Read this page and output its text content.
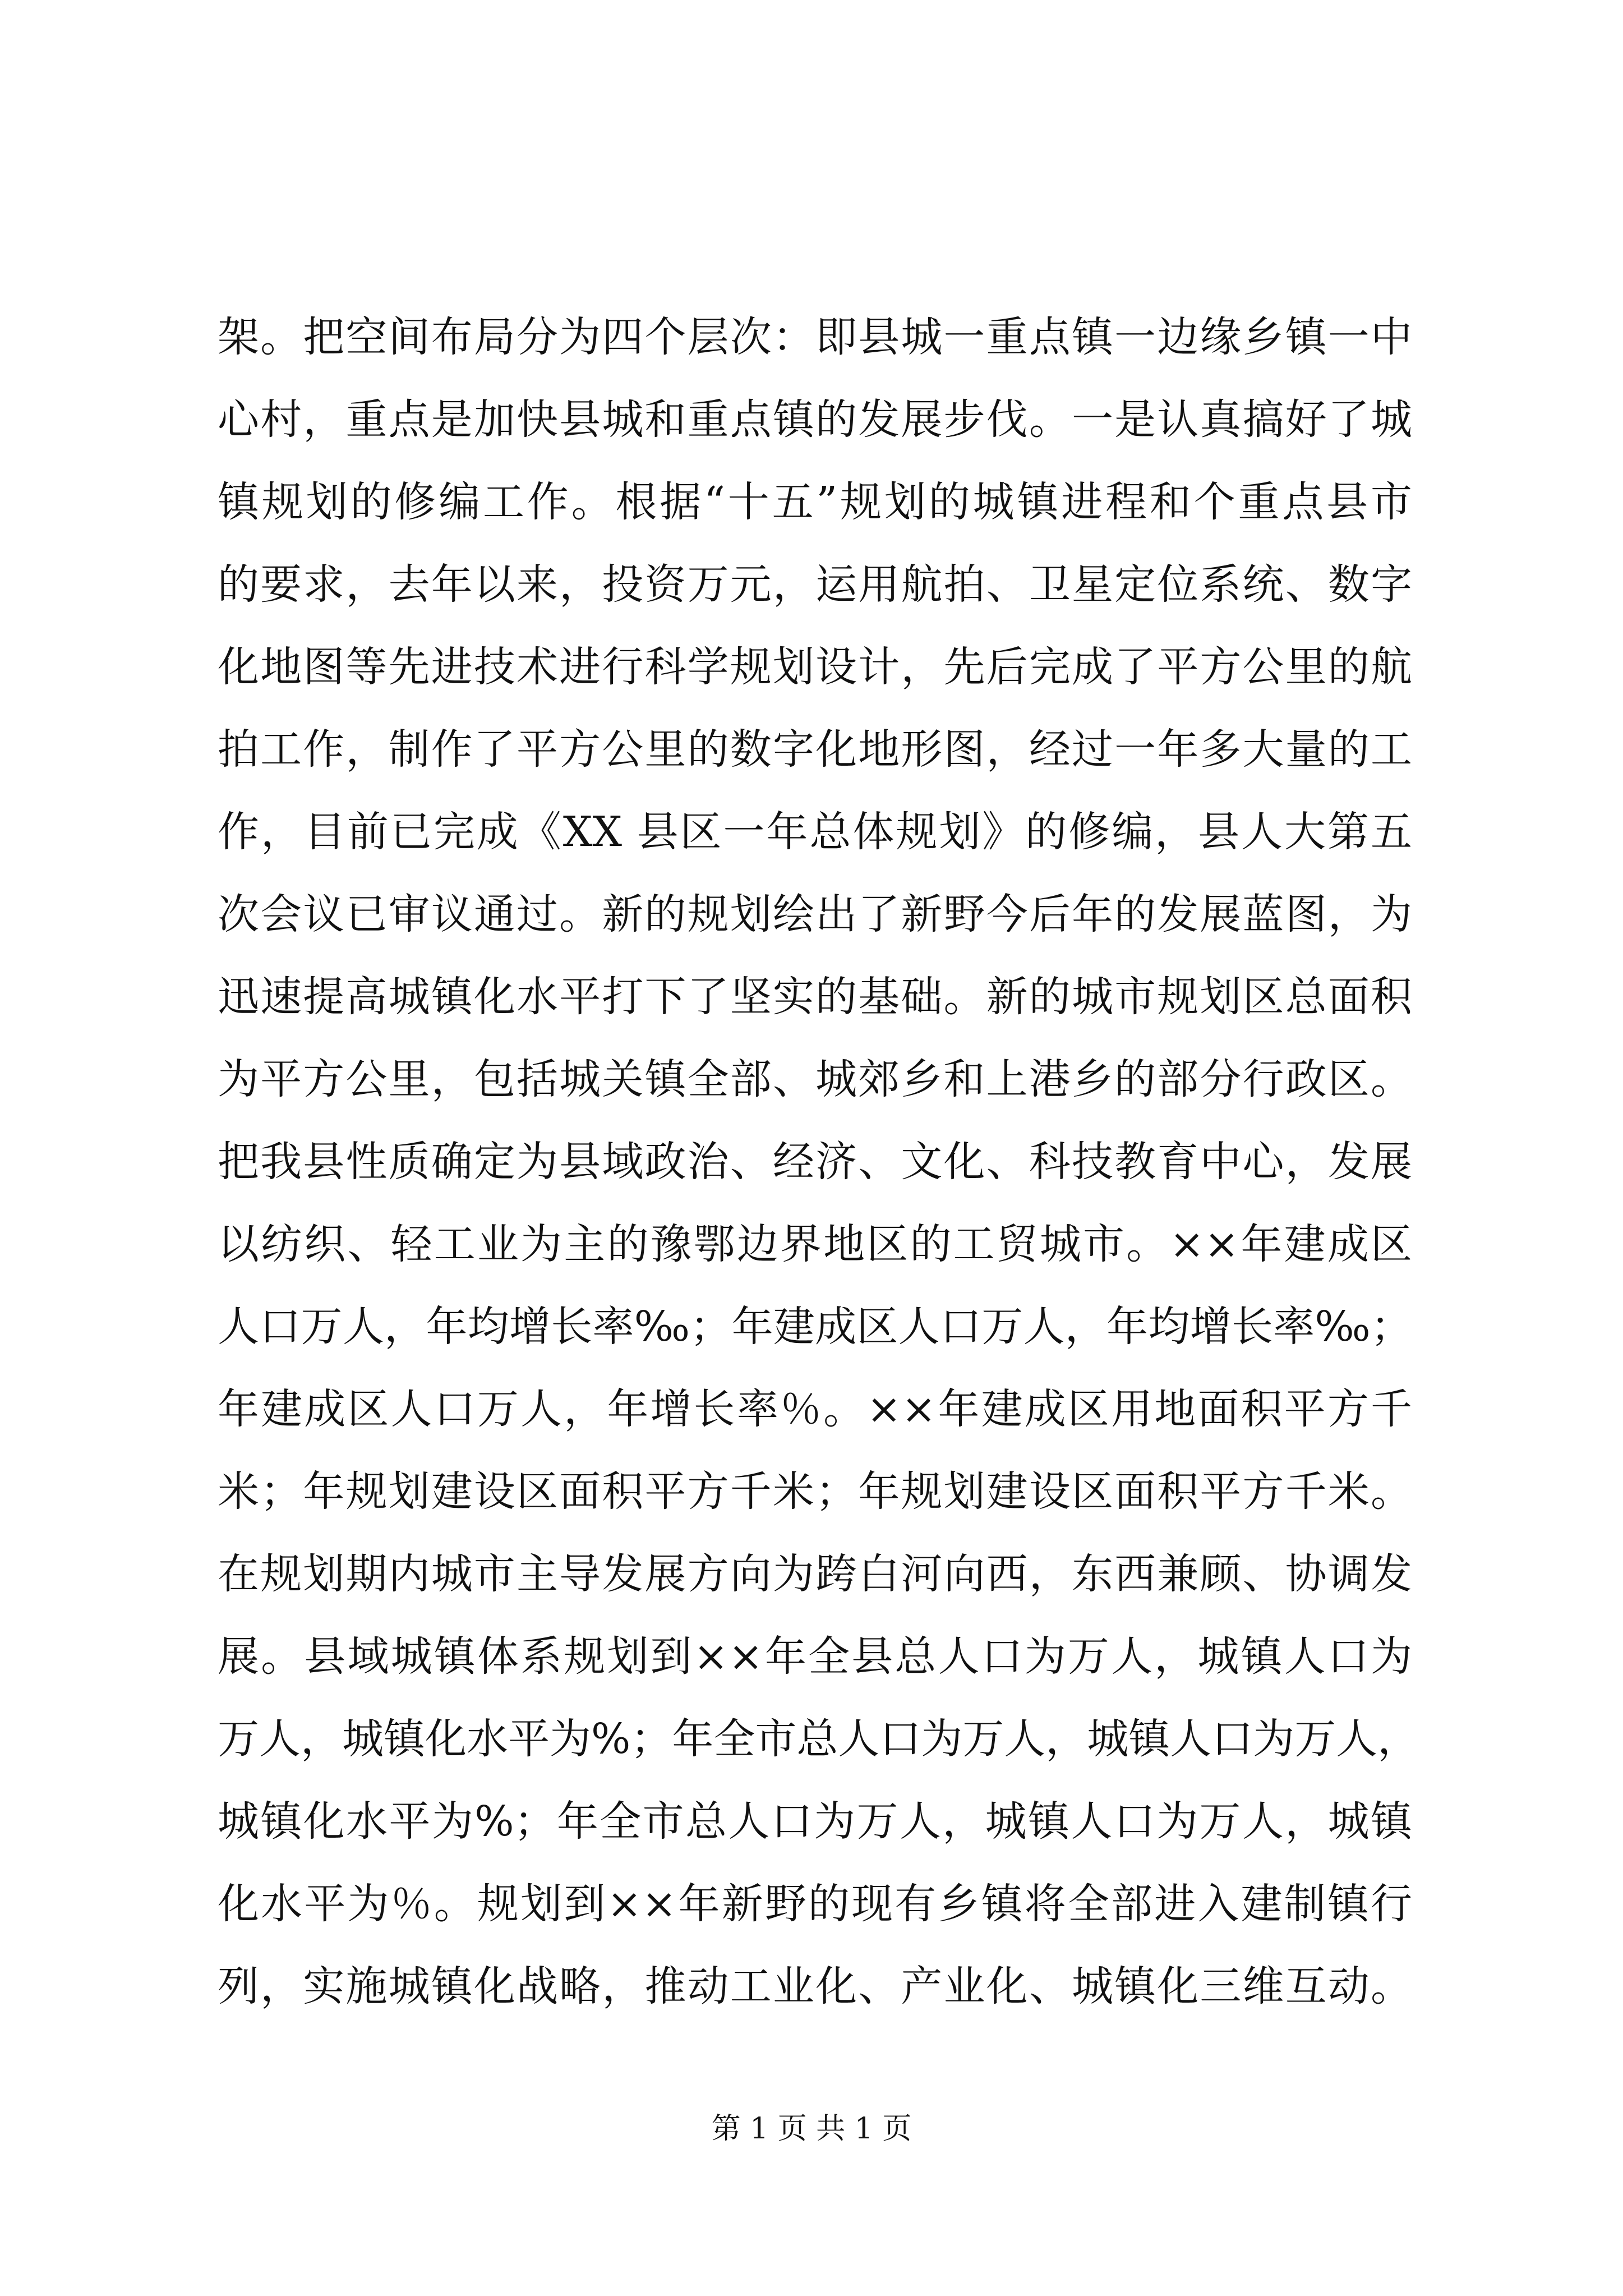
架。把空间布局分为四个层次：即县城一重点镇一边缘乡镇一中
心村，重点是加快县城和重点镇的发展步伐。一是认真搞好了城
镇规划的修编工作。根据“十五”规划的城镇进程和个重点县市
的要求，去年以来，投资万元，运用航拍、卫星定位系统、数字
化地图等先进技术进行科学规划设计，先后完成了平方公里的航
拍工作，制作了平方公里的数字化地形图，经过一年多大量的工
作，目前已完成《XX 县区一年总体规划》的修编，县人大第五
次会议已审议通过。新的规划绘出了新野今后年的发展蓝图，为
迅速提高城镇化水平打下了坚实的基础。新的城市规划区总面积
为平方公里，包括城关镇全部、城郊乡和上港乡的部分行政区。
把我县性质确定为县域政治、经济、文化、科技教育中心，发展
以纺织、轻工业为主的豫鄂边界地区的工贸城市。××年建成区
人口万人，年均增长率‰；年建成区人口万人，年均增长率‰；
年建成区人口万人，年增长率％。××年建成区用地面积平方千
米；年规划建设区面积平方千米；年规划建设区面积平方千米。
在规划期内城市主导发展方向为跨白河向西，东西兼顾、协调发
展。县域城镇体系规划到××年全县总人口为万人，城镇人口为
万人，城镇化水平为%；年全市总人口为万人，城镇人口为万人，
城镇化水平为%；年全市总人口为万人，城镇人口为万人，城镇
化水平为％。规划到××年新野的现有乡镇将全部进入建制镇行
列，实施城镇化战略，推动工业化、产业化、城镇化三维互动。
第 1 页 共 1 页
